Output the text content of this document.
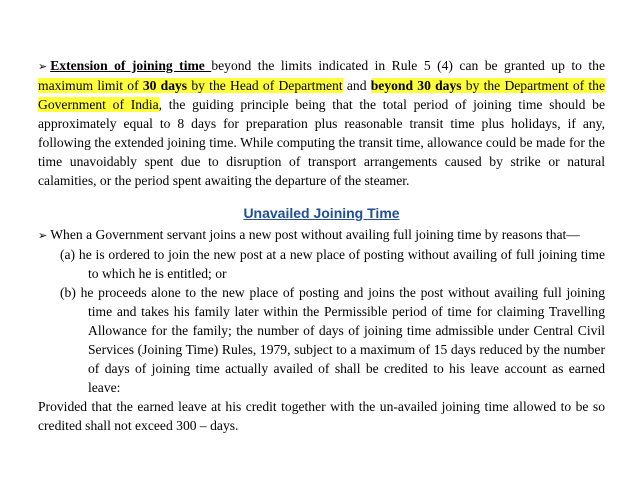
➢ Extension of joining time beyond the limits indicated in Rule 5 (4) can be granted up to the maximum limit of 30 days by the Head of Department and beyond 30 days by the Department of the Government of India, the guiding principle being that the total period of joining time should be approximately equal to 8 days for preparation plus reasonable transit time plus holidays, if any, following the extended joining time. While computing the transit time, allowance could be made for the time unavoidably spent due to disruption of transport arrangements caused by strike or natural calamities, or the period spent awaiting the departure of the steamer.

Unavailed Joining Time

➢ When a Government servant joins a new post without availing full joining time by reasons that—

(a) he is ordered to join the new post at a new place of posting without availing of full joining time to which he is entitled; or

(b) he proceeds alone to the new place of posting and joins the post without availing full joining time and takes his family later within the Permissible period of time for claiming Travelling Allowance for the family; the number of days of joining time admissible under Central Civil Services (Joining Time) Rules, 1979, subject to a maximum of 15 days reduced by the number of days of joining time actually availed of shall be credited to his leave account as earned leave:

Provided that the earned leave at his credit together with the un-availed joining time allowed to be so credited shall not exceed 300 – days.
